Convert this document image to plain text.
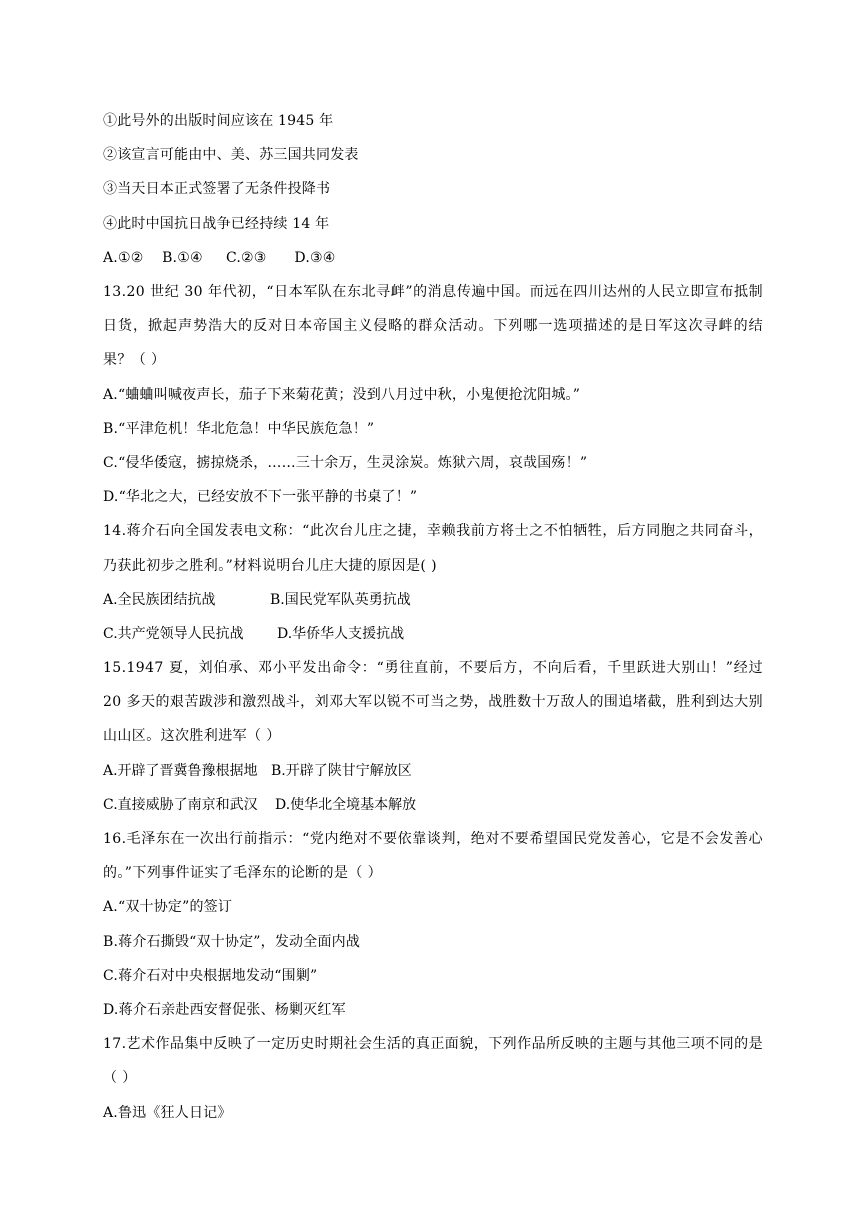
①此号外的出版时间应该在 1945 年
②该宣言可能由中、美、苏三国共同发表
③当天日本正式签署了无条件投降书
④此时中国抗日战争已经持续 14 年
A.①②    B.①④     C.②③      D.③④
13.20 世纪 30 年代初，“日本军队在东北寻衅”的消息传遍中国。而远在四川达州的人民立即宣布抵制日货，掀起声势浩大的反对日本帝国主义侵略的群众活动。下列哪一选项描述的是日军这次寻衅的结果？（ ）
A.“蛐蛐叫喊夜声长，茄子下来菊花黄；没到八月过中秋，小鬼便抢沈阳城。”
B.“平津危机！华北危急！中华民族危急！”
C.“侵华倭寇，掳掠烧杀，……三十余万，生灵涂炭。炼狱六周，哀哉国殇！”
D.“华北之大，已经安放不下一张平静的书桌了！”
14.蒋介石向全国发表电文称：“此次台儿庄之捷，幸赖我前方将士之不怕牺牲，后方同胞之共同奋斗，乃获此初步之胜利。”材料说明台儿庄大捷的原因是( )
A.全民族团结抗战	B.国民党军队英勇抗战
C.共产党领导人民抗战 D.华侨华人支援抗战
15.1947 夏，刘伯承、邓小平发出命令：“勇往直前，不要后方，不向后看，千里跃进大别山！”经过 20 多天的艰苦跋涉和激烈战斗，刘邓大军以锐不可当之势，战胜数十万敌人的围追堵截，胜利到达大别山山区。这次胜利进军（ ）
A.开辟了晋冀鲁豫根据地 B.开辟了陕甘宁解放区
C.直接威胁了南京和武汉 D.使华北全境基本解放
16.毛泽东在一次出行前指示：“党内绝对不要依靠谈判，绝对不要希望国民党发善心，它是不会发善心的。”下列事件证实了毛泽东的论断的是（ ）
A.“双十协定”的签订
B.蒋介石撕毁“双十协定”，发动全面内战
C.蒋介石对中央根据地发动“围剿”
D.蒋介石亲赴西安督促张、杨剿灭红军
17.艺术作品集中反映了一定历史时期社会生活的真正面貌，下列作品所反映的主题与其他三项不同的是（ ）
A.鲁迅《狂人日记》
